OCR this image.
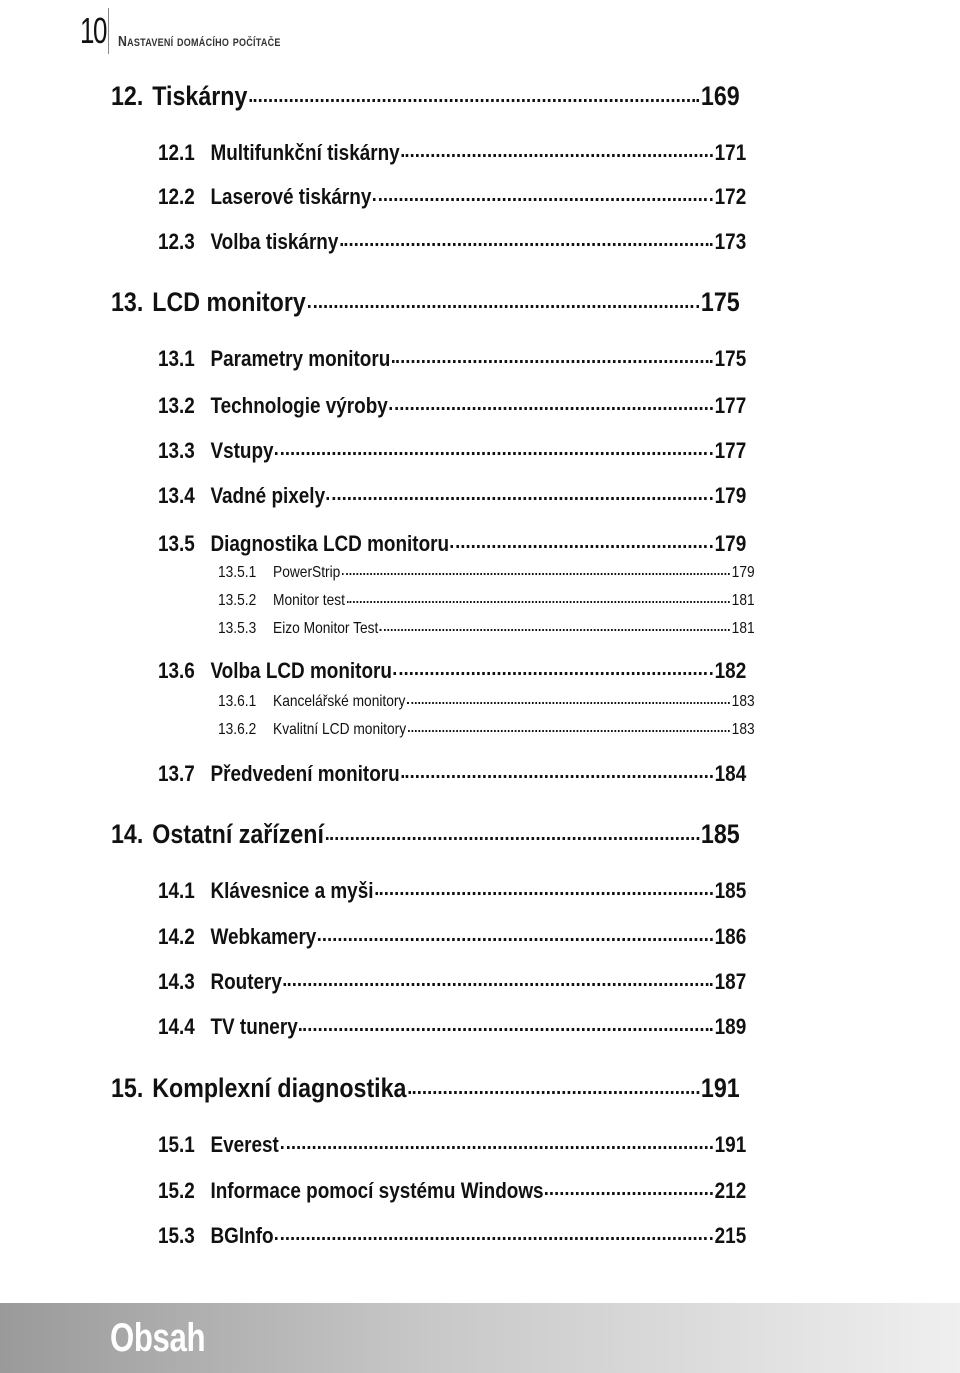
10 Nastavení domácího počítače
12. Tiskárny	169
12.1 Multifunkční tiskárny	171
12.2 Laserové tiskárny	172
12.3 Volba tiskárny	173
13. LCD monitory	175
13.1 Parametry monitoru	175
13.2 Technologie výroby	177
13.3 Vstupy	177
13.4 Vadné pixely	179
13.5 Diagnostika LCD monitoru	179
13.5.1	PowerStrip	179
13.5.2	Monitor test	181
13.5.3	Eizo Monitor Test	181
13.6 Volba LCD monitoru	182
13.6.1	Kancelářské monitory	183
13.6.2	Kvalitní LCD monitory	183
13.7 Předvedení monitoru	184
14. Ostatní zařízení	185
14.1 Klávesnice a myši	185
14.2 Webkamery	186
14.3 Routery	187
14.4 TV tunery	189
15. Komplexní diagnostika	191
15.1 Everest	191
15.2 Informace pomocí systému Windows	212
15.3 BGInfo	215
Obsah
